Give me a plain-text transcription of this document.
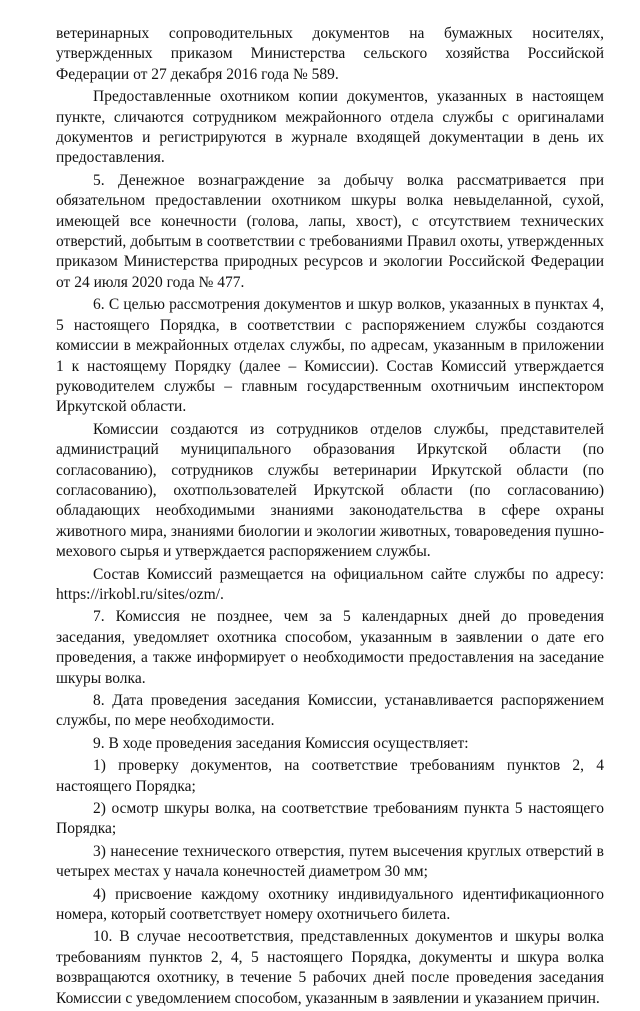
ветеринарных сопроводительных документов на бумажных носителях, утвержденных приказом Министерства сельского хозяйства Российской Федерации от 27 декабря 2016 года № 589.

Предоставленные охотником копии документов, указанных в настоящем пункте, сличаются сотрудником межрайонного отдела службы с оригиналами документов и регистрируются в журнале входящей документации в день их предоставления.

5. Денежное вознаграждение за добычу волка рассматривается при обязательном предоставлении охотником шкуры волка невыделанной, сухой, имеющей все конечности (голова, лапы, хвост), с отсутствием технических отверстий, добытым в соответствии с требованиями Правил охоты, утвержденных приказом Министерства природных ресурсов и экологии Российской Федерации от 24 июля 2020 года № 477.

6. С целью рассмотрения документов и шкур волков, указанных в пунктах 4, 5 настоящего Порядка, в соответствии с распоряжением службы создаются комиссии в межрайонных отделах службы, по адресам, указанным в приложении 1 к настоящему Порядку (далее – Комиссии). Состав Комиссий утверждается руководителем службы – главным государственным охотничьим инспектором Иркутской области.

Комиссии создаются из сотрудников отделов службы, представителей администраций муниципального образования Иркутской области (по согласованию), сотрудников службы ветеринарии Иркутской области (по согласованию), охотпользователей Иркутской области (по согласованию) обладающих необходимыми знаниями законодательства в сфере охраны животного мира, знаниями биологии и экологии животных, товароведения пушно-мехового сырья и утверждается распоряжением службы.

Состав Комиссий размещается на официальном сайте службы по адресу: https://irkobl.ru/sites/ozm/.

7. Комиссия не позднее, чем за 5 календарных дней до проведения заседания, уведомляет охотника способом, указанным в заявлении о дате его проведения, а также информирует о необходимости предоставления на заседание шкуры волка.

8. Дата проведения заседания Комиссии, устанавливается распоряжением службы, по мере необходимости.

9. В ходе проведения заседания Комиссия осуществляет:

1) проверку документов, на соответствие требованиям пунктов 2, 4 настоящего Порядка;

2) осмотр шкуры волка, на соответствие требованиям пункта 5 настоящего Порядка;

3) нанесение технического отверстия, путем высечения круглых отверстий в четырех местах у начала конечностей диаметром 30 мм;

4) присвоение каждому охотнику индивидуального идентификационного номера, который соответствует номеру охотничьего билета.

10. В случае несоответствия, представленных документов и шкуры волка требованиям пунктов 2, 4, 5 настоящего Порядка, документы и шкура волка возвращаются охотнику, в течение 5 рабочих дней после проведения заседания Комиссии с уведомлением способом, указанным в заявлении и указанием причин.
